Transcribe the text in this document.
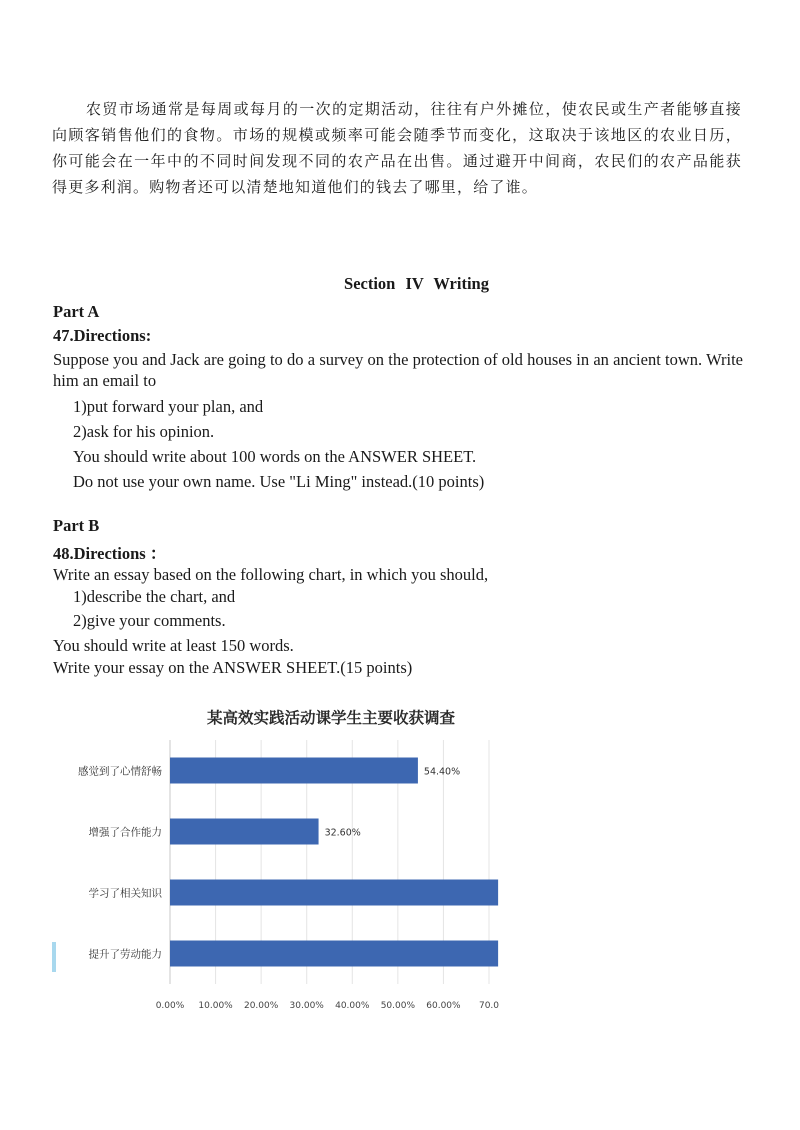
农贸市场通常是每周或每月的一次的定期活动，往往有户外摊位，使农民或生产者能够直接向顾客销售他们的食物。市场的规模或频率可能会随季节而变化，这取决于该地区的农业日历，你可能会在一年中的不同时间发现不同的农产品在出售。通过避开中间商，农民们的农产品能获得更多利润。购物者还可以清楚地知道他们的钱去了哪里，给了谁。

Section IV Writing

Part A

47.Directions:

Suppose you and Jack are going to do a survey on the protection of old houses in an ancient town. Write him an email to

1)put forward your plan, and

2)ask for his opinion.

You should write about 100 words on the ANSWER SHEET.

Do not use your own name. Use "Li Ming" instead.(10 points)

Part B

48.Directions ：

Write an essay based on the following chart, in which you should,

1)describe the chart, and

2)give your comments.

You should write at least 150 words.

Write your essay on the ANSWER SHEET.(15 points)

某高效实践活动课学生主要收获调查
0.00% 10.00% 20.00% 30.00% 40.00% 50.00% 60.00% 70.0
感觉到了心情舒畅	54.40%
增强了合作能力	32.60%
学习了相关知识
提升了劳动能力
